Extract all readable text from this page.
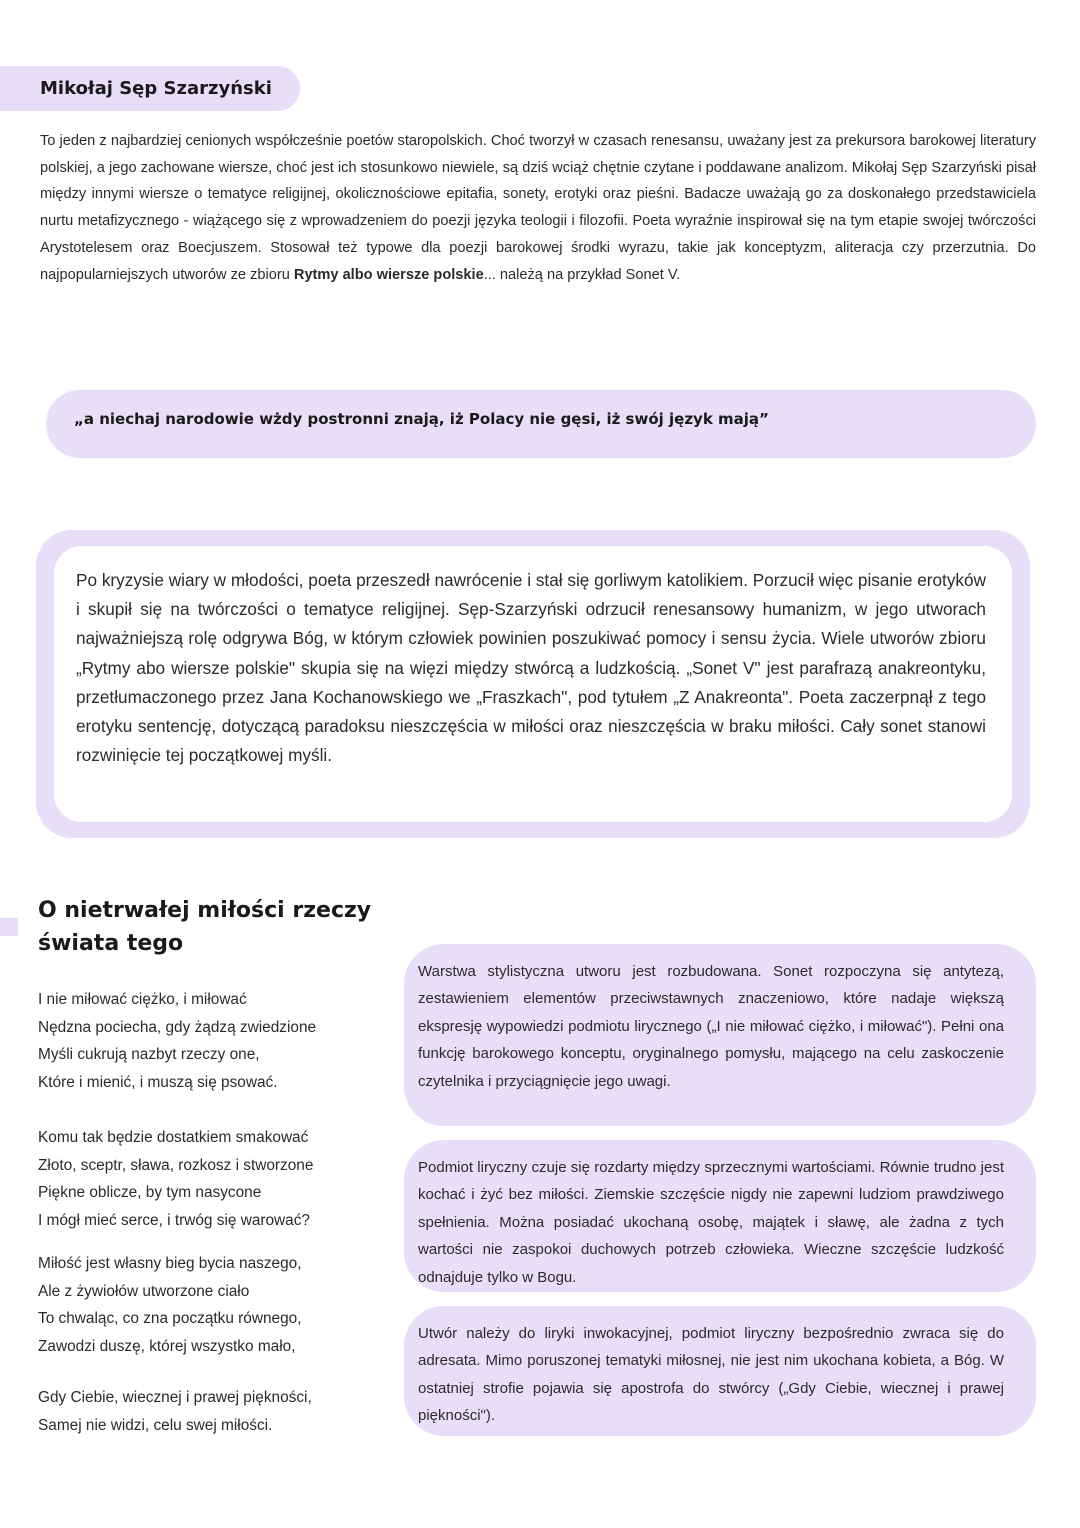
Mikołaj Sęp Szarzyński

To jeden z najbardziej cenionych współcześnie poetów staropolskich. Choć tworzył w czasach renesansu, uważany jest za prekursora barokowej literatury polskiej, a jego zachowane wiersze, choć jest ich stosunkowo niewiele, są dziś wciąż chętnie czytane i poddawane analizom. Mikołaj Sęp Szarzyński pisał między innymi wiersze o tematyce religijnej, okolicznościowe epitafia, sonety, erotyki oraz pieśni. Badacze uważają go za doskonałego przedstawiciela nurtu metafizycznego - wiążącego się z wprowadzeniem do poezji języka teologii i filozofii. Poeta wyraźnie inspirował się na tym etapie swojej twórczości Arystotelesem oraz Boecjuszem. Stosował też typowe dla poezji barokowej środki wyrazu, takie jak konceptyzm, aliteracja czy przerzutnia. Do najpopularniejszych utworów ze zbioru Rytmy albo wiersze polskie... należą na przykład Sonet V.

„a niechaj narodowie wżdy postronni znają, iż Polacy nie gęsi, iż swój język mają”

Po kryzysie wiary w młodości, poeta przeszedł nawrócenie i stał się gorliwym katolikiem. Porzucił więc pisanie erotyków i skupił się na twórczości o tematyce religijnej. Sęp-Szarzyński odrzucił renesansowy humanizm, w jego utworach najważniejszą rolę odgrywa Bóg, w którym człowiek powinien poszukiwać pomocy i sensu życia. Wiele utworów zbioru „Rytmy abo wiersze polskie" skupia się na więzi między stwórcą a ludzkością. „Sonet V" jest parafrazą anakreontyku, przetłumaczonego przez Jana Kochanowskiego we „Fraszkach", pod tytułem „Z Anakreonta". Poeta zaczerpnął z tego erotyku sentencję, dotyczącą paradoksu nieszczęścia w miłości oraz nieszczęścia w braku miłości. Cały sonet stanowi rozwinięcie tej początkowej myśli.

O nietrwałej miłości rzeczy
świata tego

I nie miłować ciężko, i miłować
Nędzna pociecha, gdy żądzą zwiedzione
Myśli cukrują nazbyt rzeczy one,
Które i mienić, i muszą się psować.

Komu tak będzie dostatkiem smakować
Złoto, sceptr, sława, rozkosz i stworzone
Piękne oblicze, by tym nasycone
I mógł mieć serce, i trwóg się warować?

Miłość jest własny bieg bycia naszego,
Ale z żywiołów utworzone ciało
To chwaląc, co zna początku równego,
Zawodzi duszę, której wszystko mało,

Gdy Ciebie, wiecznej i prawej piękności,
Samej nie widzi, celu swej miłości.

Warstwa stylistyczna utworu jest rozbudowana. Sonet rozpoczyna się antytezą, zestawieniem elementów przeciwstawnych znaczeniowo, które nadaje większą ekspresję wypowiedzi podmiotu lirycznego („I nie miłować ciężko, i miłować"). Pełni ona funkcję barokowego konceptu, oryginalnego pomysłu, mającego na celu zaskoczenie czytelnika i przyciągnięcie jego uwagi.

Podmiot liryczny czuje się rozdarty między sprzecznymi wartościami. Równie trudno jest kochać i żyć bez miłości. Ziemskie szczęście nigdy nie zapewni ludziom prawdziwego spełnienia. Można posiadać ukochaną osobę, majątek i sławę, ale żadna z tych wartości nie zaspokoi duchowych potrzeb człowieka. Wieczne szczęście ludzkość odnajduje tylko w Bogu.

Utwór należy do liryki inwokacyjnej, podmiot liryczny bezpośrednio zwraca się do adresata. Mimo poruszonej tematyki miłosnej, nie jest nim ukochana kobieta, a Bóg. W ostatniej strofie pojawia się apostrofa do stwórcy („Gdy Ciebie, wiecznej i prawej piękności").
